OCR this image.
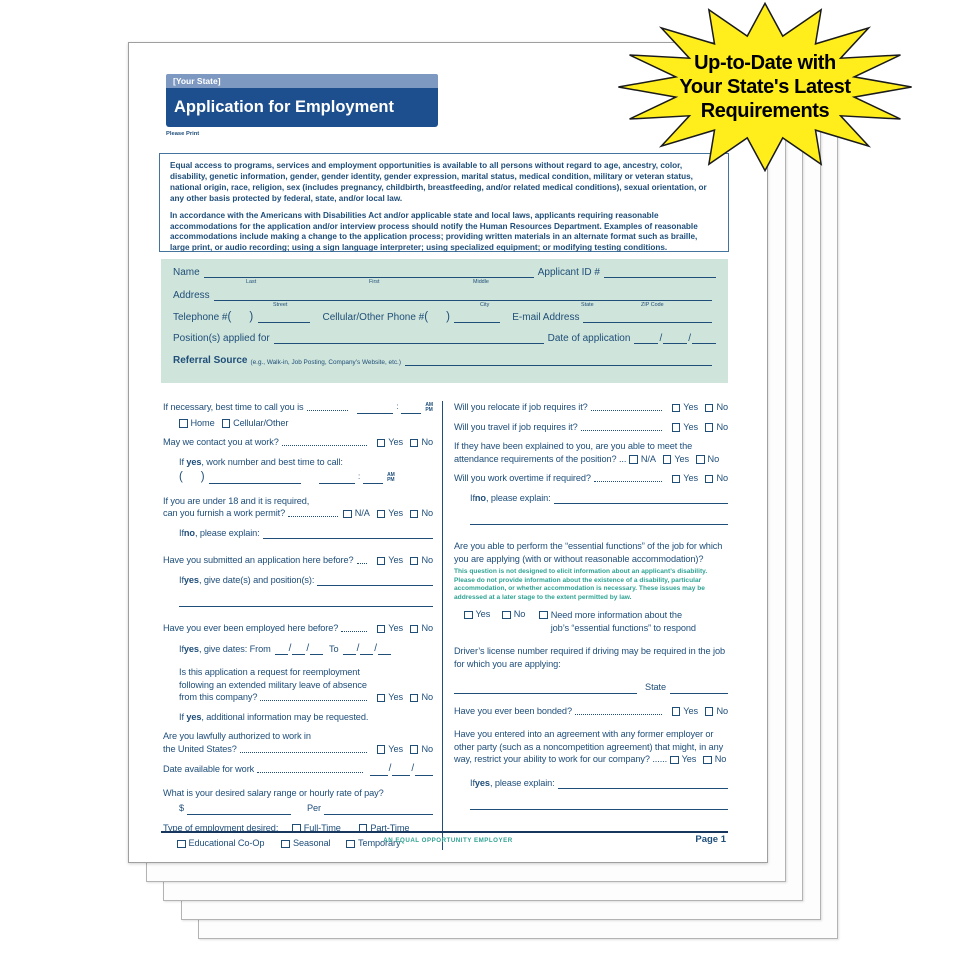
[Your State]
Application for Employment
Please Print

Equal access to programs, services and employment opportunities is available to all persons without regard to age, ancestry, color, disability, genetic information, gender, gender identity, gender expression, marital status, medical condition, military or veteran status, national origin, race, religion, sex (includes pregnancy, childbirth, breastfeeding, and/or related medical conditions), sexual orientation, or any other basis protected by federal, state, and/or local law.

In accordance with the Americans with Disabilities Act and/or applicable state and local laws, applicants requiring reasonable accommodations for the application and/or interview process should notify the Human Resources Department. Examples of reasonable accommodations include making a change to the application process; providing written materials in an alternate format such as braille, large print, or audio recording; using a sign language interpreter; using specialized equipment; or modifying testing conditions.

Name	Applicant ID #
Last	First	Middle
Address
Street	City	State	ZIP Code
Telephone # ( )	Cellular/Other Phone # ( )	E-mail Address
Position(s) applied for	Date of application
/
/
Referral Source (e.g., Walk-in, Job Posting, Company’s Website, etc.)
If necessary, best time to call you is	:	AM
PM
Home Cellular/Other
May we contact you at work?	Yes No
If yes, work number and best time to call:
( )
:	AM
PM
If you are under 18 and it is required,
can you furnish a work permit?	N/A Yes No
If no , please explain:
Have you submitted an application here before?	Yes No
If yes , give date(s) and position(s):
Have you ever been employed here before?	Yes No
If yes , give dates: From / /	To
/
/
Is this application a request for reemployment
following an extended military leave of absence
from this company?	Yes No
If yes, additional information may be requested.
Are you lawfully authorized to work in
the United States?	Yes No
Date available for work
/
/
What is your desired salary range or hourly rate of pay?
$	Per
Type of employment desired:	Full-Time	Part-Time
Educational Co-Op	Seasonal	Temporary
Will you relocate if job requires it?	Yes No
Will you travel if job requires it?	Yes No
If they have been explained to you, are you able to meet the
attendance requirements of the position? ... N/A Yes No
Will you work overtime if required?	Yes No
If no , please explain:
Are you able to perform the “essential functions” of the job for which you are applying (with or without reasonable accommodation)?
This question is not designed to elicit information about an applicant’s disability. Please do not provide information about the existence of a disability, particular accommodation, or whether accommodation is necessary. These issues may be addressed at a later stage to the extent permitted by law.
Yes	No	Need more information about the
job’s “essential functions” to respond
Driver’s license number required if driving may be required in the job for which you are applying:
State
Have you ever been bonded?	Yes No
Have you entered into an agreement with any former employer or other party (such as a noncompetition agreement) that might, in any
way, restrict your ability to work for our company? ...... Yes No
If yes , please explain:
AN EQUAL OPPORTUNITY EMPLOYER	Page 1
Up-to-Date with
Your State's Latest
Requirements
